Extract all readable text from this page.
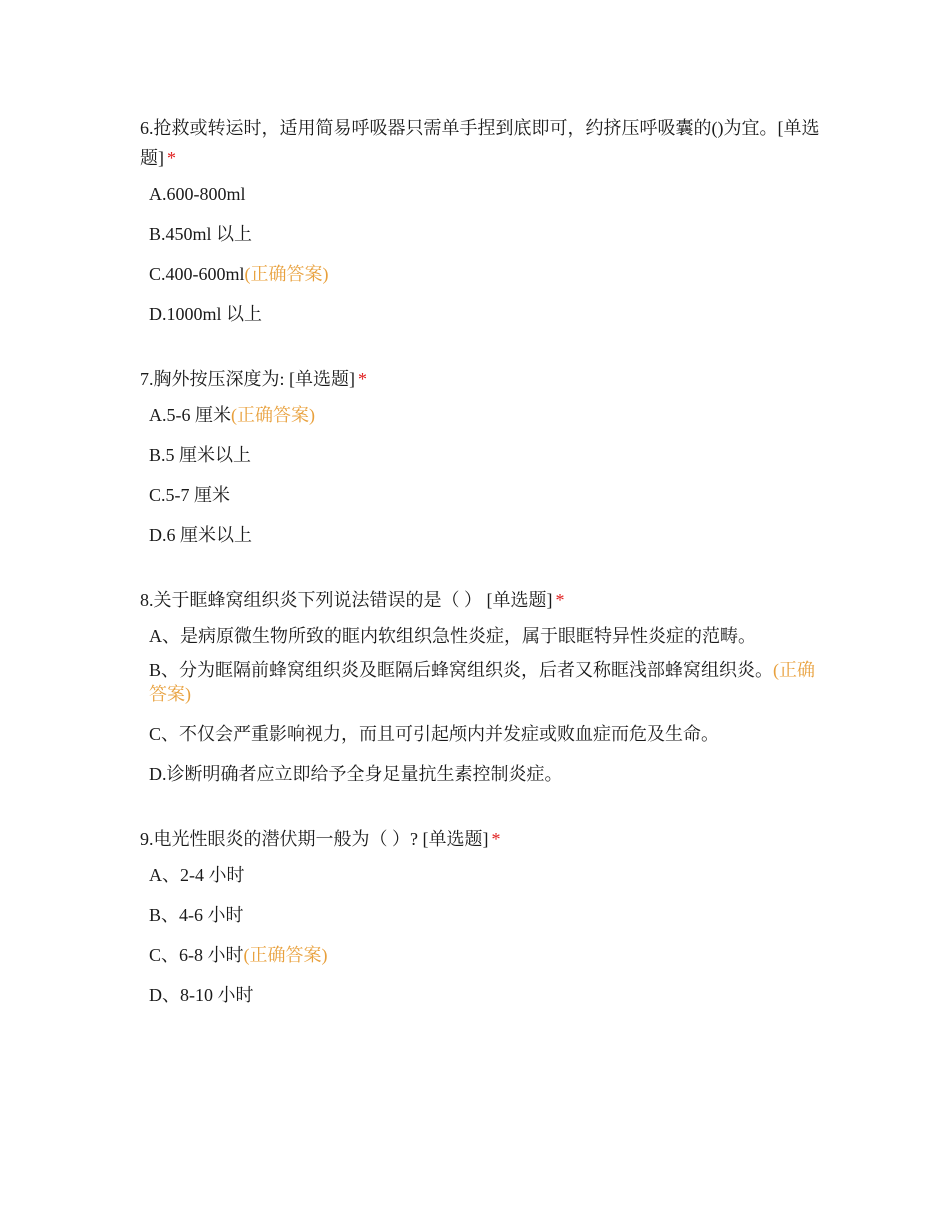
6.抢救或转运时，适用简易呼吸器只需单手捏到底即可，约挤压呼吸囊的()为宜。[单选题] *

A.600-800ml
B.450ml 以上
C.400-600ml(正确答案)
D.1000ml 以上

7.胸外按压深度为: [单选题] *

A.5-6 厘米(正确答案)
B.5 厘米以上
C.5-7 厘米
D.6 厘米以上

8.关于眶蜂窝组织炎下列说法错误的是（ ） [单选题] *

A、是病原微生物所致的眶内软组织急性炎症，属于眼眶特异性炎症的范畴。
B、分为眶隔前蜂窝组织炎及眶隔后蜂窝组织炎，后者又称眶浅部蜂窝组织炎。(正确答案)
C、不仅会严重影响视力，而且可引起颅内并发症或败血症而危及生命。
D.诊断明确者应立即给予全身足量抗生素控制炎症。

9.电光性眼炎的潜伏期一般为（ ）? [单选题] *

A、2-4 小时
B、4-6 小时
C、6-8 小时(正确答案)
D、8-10 小时
